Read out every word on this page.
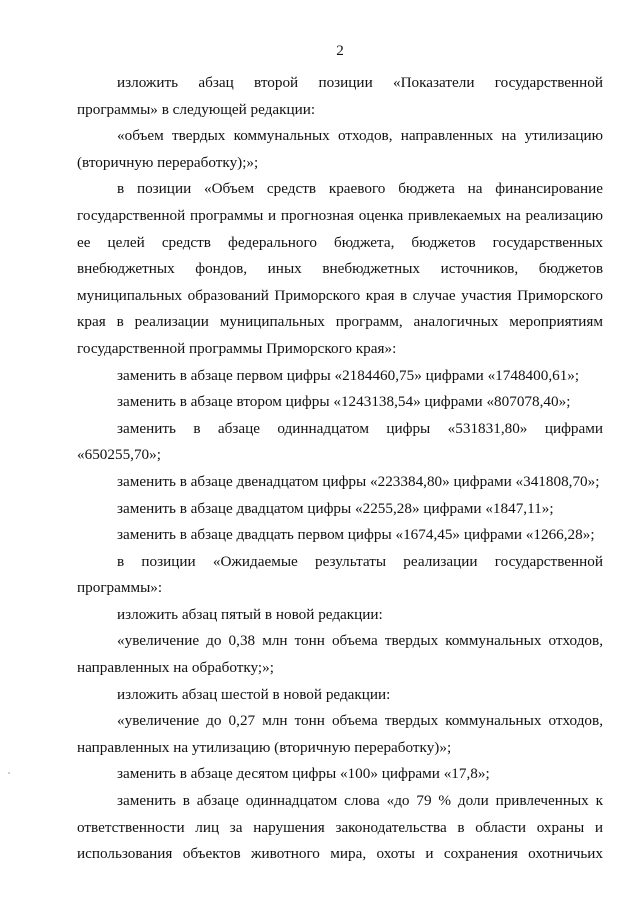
2

изложить абзац второй позиции «Показатели государственной программы» в следующей редакции:

«объем твердых коммунальных отходов, направленных на утилизацию (вторичную переработку);»;

в позиции «Объем средств краевого бюджета на финансирование государственной программы и прогнозная оценка привлекаемых на реализацию ее целей средств федерального бюджета, бюджетов государственных внебюджетных фондов, иных внебюджетных источников, бюджетов муниципальных образований Приморского края в случае участия Приморского края в реализации муниципальных программ, аналогичных мероприятиям государственной программы Приморского края»:

заменить в абзаце первом цифры «2184460,75» цифрами «1748400,61»;

заменить в абзаце втором цифры «1243138,54» цифрами «807078,40»;

заменить в абзаце одиннадцатом цифры «531831,80» цифрами «650255,70»;

заменить в абзаце двенадцатом цифры «223384,80» цифрами «341808,70»;

заменить в абзаце двадцатом цифры «2255,28» цифрами «1847,11»;

заменить в абзаце двадцать первом цифры «1674,45» цифрами «1266,28»;

в позиции «Ожидаемые результаты реализации государственной программы»:

изложить абзац пятый в новой редакции:

«увеличение до 0,38 млн тонн объема твердых коммунальных отходов, направленных на обработку;»;

изложить абзац шестой в новой редакции:

«увеличение до 0,27 млн тонн объема твердых коммунальных отходов, направленных на утилизацию (вторичную переработку)»;

заменить в абзаце десятом цифры «100» цифрами «17,8»;

заменить в абзаце одиннадцатом слова «до 79 % доли привлеченных к ответственности лиц за нарушения законодательства в области охраны и использования объектов животного мира, охоты и сохранения охотничьих
